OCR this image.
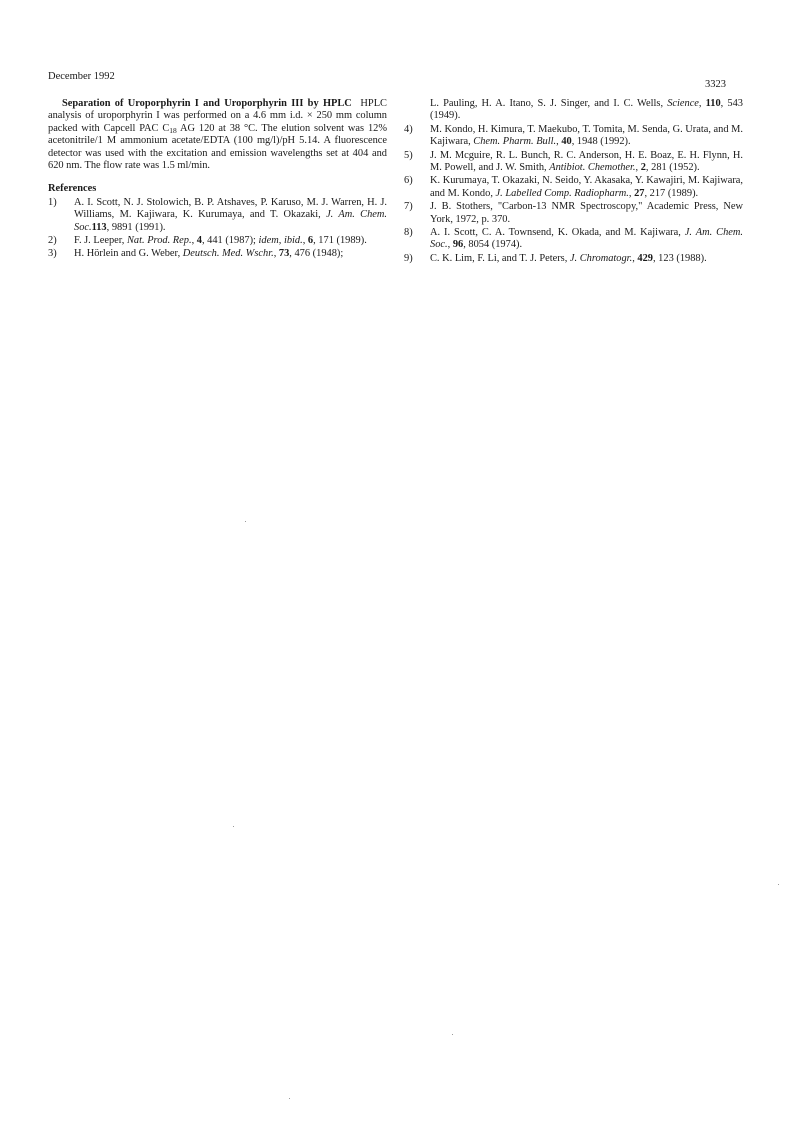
December 1992
3323

Separation of Uroporphyrin I and Uroporphyrin III by HPLC HPLC analysis of uroporphyrin I was performed on a 4.6 mm i.d. × 250 mm column packed with Capcell PAC $C_{18}$ AG 120 at 38 °C. The elution solvent was 12% acetonitrile/1 M ammonium acetate/EDTA (100 mg/l)/pH 5.14. A fluorescence detector was used with the excitation and emission wavelengths set at 404 and 620 nm. The flow rate was 1.5 ml/min.

References
1)	A. I. Scott, N. J. Stolowich, B. P. Atshaves, P. Karuso, M. J. Warren, H. J. Williams, M. Kajiwara, K. Kurumaya, and T. Okazaki, J. Am. Chem. Soc.113, 9891 (1991).
2)	F. J. Leeper, Nat. Prod. Rep., 4, 441 (1987); idem, ibid., 6, 171 (1989).
3)	H. Hörlein and G. Weber, Deutsch. Med. Wschr., 73, 476 (1948);
L. Pauling, H. A. Itano, S. J. Singer, and I. C. Wells, Science, 110, 543 (1949).
4)	M. Kondo, H. Kimura, T. Maekubo, T. Tomita, M. Senda, G. Urata, and M. Kajiwara, Chem. Pharm. Bull., 40, 1948 (1992).
5)	J. M. Mcguire, R. L. Bunch, R. C. Anderson, H. E. Boaz, E. H. Flynn, H. M. Powell, and J. W. Smith, Antibiot. Chemother., 2, 281 (1952).
6)	K. Kurumaya, T. Okazaki, N. Seido, Y. Akasaka, Y. Kawajiri, M. Kajiwara, and M. Kondo, J. Labelled Comp. Radiopharm., 27, 217 (1989).
7)	J. B. Stothers, "Carbon-13 NMR Spectroscopy," Academic Press, New York, 1972, p. 370.
8)	A. I. Scott, C. A. Townsend, K. Okada, and M. Kajiwara, J. Am. Chem. Soc., 96, 8054 (1974).
9)	C. K. Lim, F. Li, and T. J. Peters, J. Chromatogr., 429, 123 (1988).
